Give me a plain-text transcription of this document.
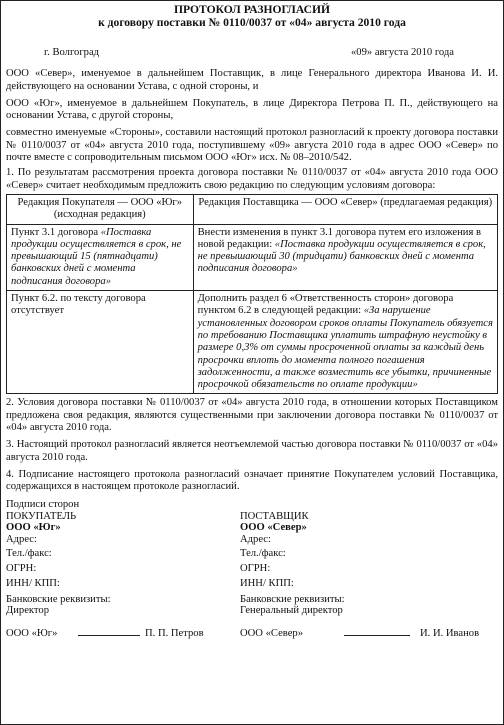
ПРОТОКОЛ РАЗНОГЛАСИЙ
к договору поставки № 0110/0037 от «04» августа 2010 года
г. Волгоград	«09» августа 2010 года
ООО «Север», именуемое в дальнейшем Поставщик, в лице Генерального директора Иванова И. И. действующего на основании Устава, с одной стороны, и
ООО «Юг», именуемое в дальнейшем Покупатель, в лице Директора Петрова П. П., действующего на основании Устава, с другой стороны,
совместно именуемые «Стороны», составили настоящий протокол разногласий к проекту договора поставки № 0110/0037 от «04» августа 2010 года, поступившему «09» августа 2010 года в адрес ООО «Север» по почте вместе с сопроводительным письмом ООО «Юг» исх. № 08–2010/542.
1. По результатам рассмотрения проекта договора поставки № 0110/0037 от «04» августа 2010 года ООО «Север» считает необходимым предложить свою редакцию по следующим условиям договора:
Редакция Покупателя — ООО «Юг»
(исходная редакция)	Редакция Поставщика — ООО «Север» (предлагаемая редакция)

Пункт 3.1 договора «Поставка продукции осуществляется в срок, не превышающий 15 (пятнадцати) банковских дней с момента подписания договора»	Внести изменения в пункт 3.1 договора путем его изложения в новой редакции: «Поставка продукции осуществляется в срок, не превышающий 30 (тридцати) банковских дней с момента подписания договора»
Пункт 6.2. по тексту договора отсутствует	Дополнить раздел 6 «Ответственность сторон» договора пунктом 6.2 в следующей редакции: «За нарушение установленных договором сроков оплаты Покупатель обязуется по требованию Поставщика уплатить штрафную неустойку в размере 0,3% от суммы просроченной оплаты за каждый день просрочки вплоть до момента полного погашения задолженности, а также возместить все убытки, причиненные просрочкой обязательств по оплате продукции»
2. Условия договора поставки № 0110/0037 от «04» августа 2010 года, в отношении которых Поставщиком предложена своя редакция, являются существенными при заключении договора поставки № 0110/0037 от «04» августа 2010 года.
3. Настоящий протокол разногласий является неотъемлемой частью договора поставки № 0110/0037 от «04» августа 2010 года.
4. Подписание настоящего протокола разногласий означает принятие Покупателем условий Поставщика, содержащихся в настоящем протоколе разногласий.
Подписи сторон
ПОКУПАТЕЛЬ
ООО «Юг»
Адрес:
Тел./факс:
ОГРН:
ИНН/ КПП:
Банковские реквизиты:
Директор
ООО «Юг»	П. П. Петров
ПОСТАВЩИК
ООО «Север»
Адрес:
Тел./факс:
ОГРН:
ИНН/ КПП:
Банковские реквизиты:
Генеральный директор
ООО «Север»	И. И. Иванов
